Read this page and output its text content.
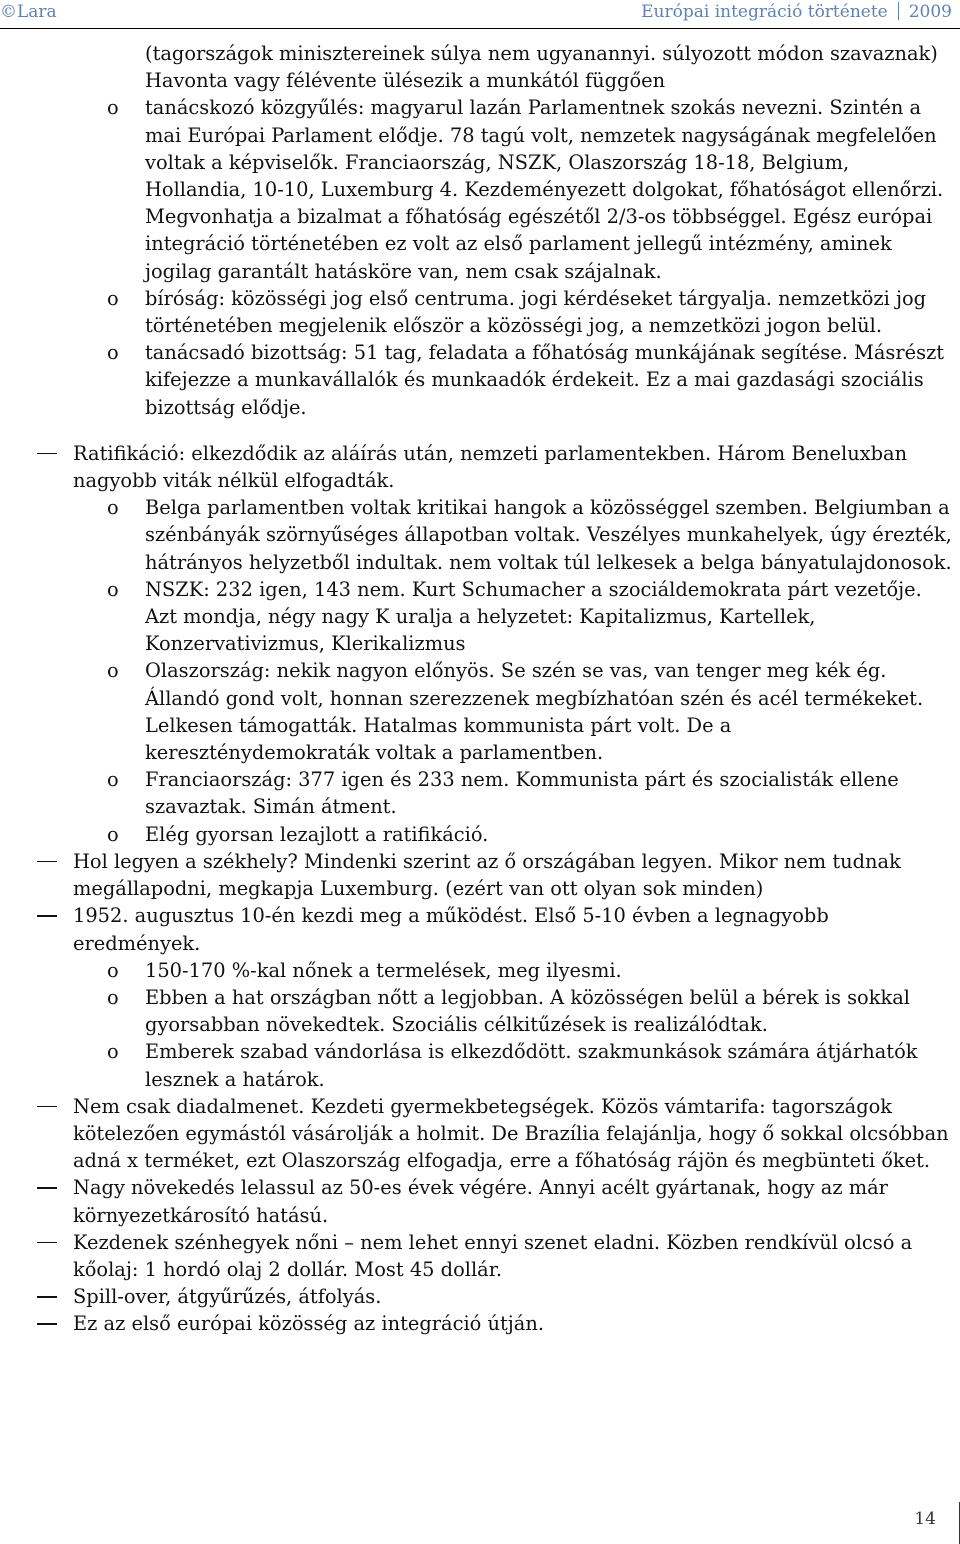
©Lara	Európai integráció története 2009

(tagországok minisztereinek súlya nem ugyanannyi. súlyozott módon szavaznak) Havonta vagy félévente ülésezik a munkától függően

o tanácskozó közgyűlés: magyarul lazán Parlamentnek szokás nevezni. Szintén a mai Európai Parlament elődje. 78 tagú volt, nemzetek nagyságának megfelelően voltak a képviselők. Franciaország, NSZK, Olaszország 18-18, Belgium, Hollandia, 10-10, Luxemburg 4. Kezdeményezett dolgokat, főhatóságot ellenőrzi. Megvonhatja a bizalmat a főhatóság egészétől 2/3-os többséggel. Egész európai integráció történetében ez volt az első parlament jellegű intézmény, aminek jogilag garantált hatásköre van, nem csak szájalnak.
o bíróság: közösségi jog első centruma. jogi kérdéseket tárgyalja. nemzetközi jog történetében megjelenik először a közösségi jog, a nemzetközi jogon belül.
o tanácsadó bizottság: 51 tag, feladata a főhatóság munkájának segítése. Másrészt kifejezze a munkavállalók és munkaadók érdekeit. Ez a mai gazdasági szociális bizottság elődje.
Ratifikáció: elkezdődik az aláírás után, nemzeti parlamentekben. Három Beneluxban nagyobb viták nélkül elfogadták.
o Belga parlamentben voltak kritikai hangok a közösséggel szemben. Belgiumban a szénbányák szörnyűséges állapotban voltak. Veszélyes munkahelyek, úgy érezték, hátrányos helyzetből indultak. nem voltak túl lelkesek a belga bányatulajdonosok.
o NSZK: 232 igen, 143 nem. Kurt Schumacher a szociáldemokrata párt vezetője. Azt mondja, négy nagy K uralja a helyzetet: Kapitalizmus, Kartellek, Konzervativizmus, Klerikalizmus
o Olaszország: nekik nagyon előnyös. Se szén se vas, van tenger meg kék ég. Állandó gond volt, honnan szerezzenek megbízhatóan szén és acél termékeket. Lelkesen támogatták. Hatalmas kommunista párt volt. De a kereszténydemokraták voltak a parlamentben.
o Franciaország: 377 igen és 233 nem. Kommunista párt és szocialisták ellene szavaztak. Simán átment.
o Elég gyorsan lezajlott a ratifikáció.
Hol legyen a székhely? Mindenki szerint az ő országában legyen. Mikor nem tudnak megállapodni, megkapja Luxemburg. (ezért van ott olyan sok minden)
1952. augusztus 10-én kezdi meg a működést. Első 5-10 évben a legnagyobb eredmények.
o 150-170 %-kal nőnek a termelések, meg ilyesmi.
o Ebben a hat országban nőtt a legjobban. A közösségen belül a bérek is sokkal gyorsabban növekedtek. Szociális célkitűzések is realizálódtak.
o Emberek szabad vándorlása is elkezdődött. szakmunkások számára átjárhatók lesznek a határok.
Nem csak diadalmenet. Kezdeti gyermekbetegségek. Közös vámtarifa: tagországok kötelezően egymástól vásárolják a holmit. De Brazília felajánlja, hogy ő sokkal olcsóbban adná x terméket, ezt Olaszország elfogadja, erre a főhatóság rájön és megbünteti őket.
Nagy növekedés lelassul az 50-es évek végére. Annyi acélt gyártanak, hogy az már környezetkárosító hatású.
Kezdenek szénhegyek nőni – nem lehet ennyi szenet eladni. Közben rendkívül olcsó a kőolaj: 1 hordó olaj 2 dollár. Most 45 dollár.
Spill-over, átgyűrűzés, átfolyás.
Ez az első európai közösség az integráció útján.
14
